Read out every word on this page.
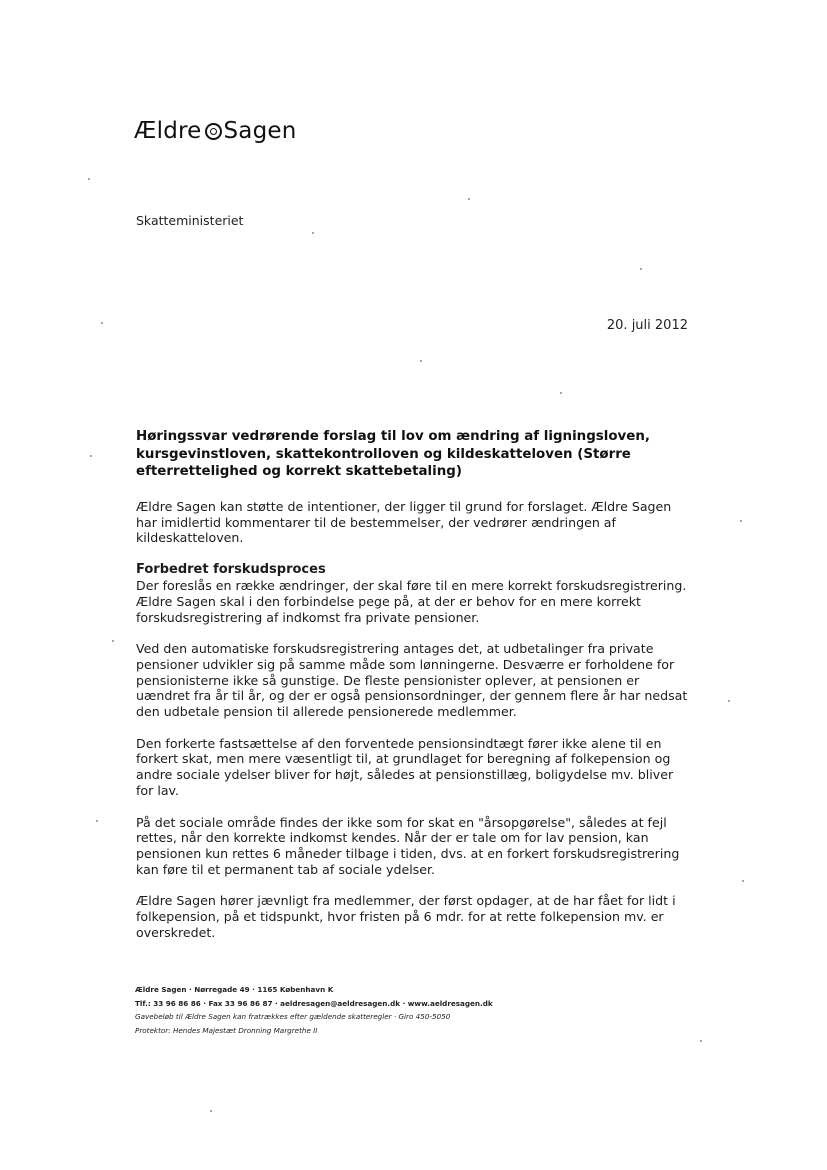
Ældre Sagen
Skatteministeriet
20. juli 2012
Høringssvar vedrørende forslag til lov om ændring af ligningsloven, kursgevinstloven, skattekontrolloven og kildeskatteloven (Større efterrettelighed og korrekt skattebetaling)

Ældre Sagen kan støtte de intentioner, der ligger til grund for forslaget. Ældre Sagen har imidlertid kommentarer til de bestemmelser, der vedrører ændringen af kildeskatteloven.

Forbedret forskudsproces

Der foreslås en række ændringer, der skal føre til en mere korrekt forskudsregistrering. Ældre Sagen skal i den forbindelse pege på, at der er behov for en mere korrekt forskudsregistrering af indkomst fra private pensioner.

Ved den automatiske forskudsregistrering antages det, at udbetalinger fra private pensioner udvikler sig på samme måde som lønningerne. Desværre er forholdene for pensionisterne ikke så gunstige. De fleste pensionister oplever, at pensionen er uændret fra år til år, og der er også pensionsordninger, der gennem flere år har nedsat den udbetale pension til allerede pensionerede medlemmer.

Den forkerte fastsættelse af den forventede pensionsindtægt fører ikke alene til en forkert skat, men mere væsentligt til, at grundlaget for beregning af folkepension og andre sociale ydelser bliver for højt, således at pensionstillæg, boligydelse mv. bliver for lav.

På det sociale område findes der ikke som for skat en "årsopgørelse", således at fejl rettes, når den korrekte indkomst kendes. Når der er tale om for lav pension, kan pensionen kun rettes 6 måneder tilbage i tiden, dvs. at en forkert forskudsregistrering kan føre til et permanent tab af sociale ydelser.

Ældre Sagen hører jævnligt fra medlemmer, der først opdager, at de har fået for lidt i folkepension, på et tidspunkt, hvor fristen på 6 mdr. for at rette folkepension mv. er overskredet.

Ældre Sagen · Nørregade 49 · 1165 København K
Tlf.: 33 96 86 86 · Fax 33 96 86 87 · aeldresagen@aeldresagen.dk · www.aeldresagen.dk
Gavebeløb til Ældre Sagen kan fratrækkes efter gældende skatteregler · Giro 450-5050
Protektor: Hendes Majestæt Dronning Margrethe II
